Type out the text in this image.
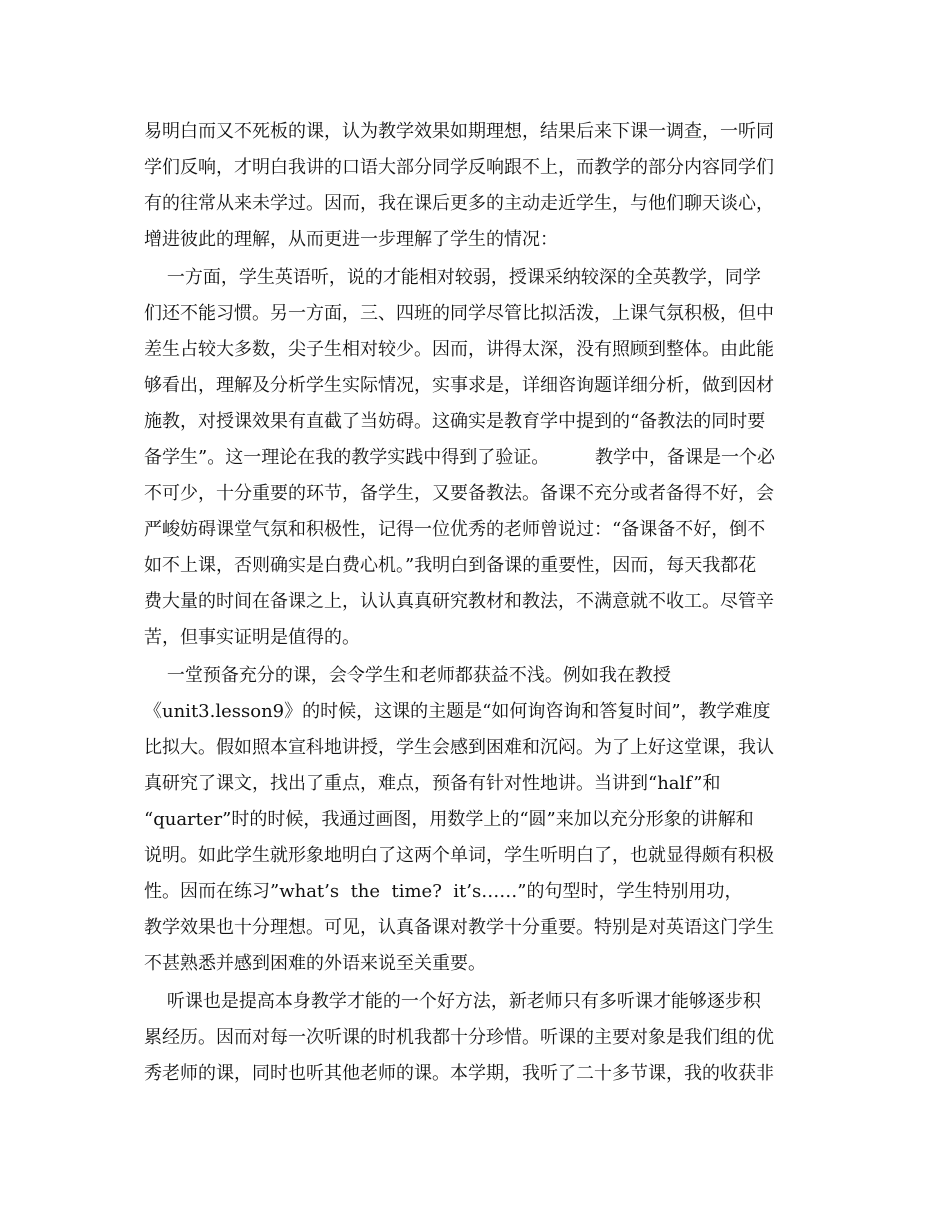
易明白而又不死板的课，认为教学效果如期理想，结果后来下课一调查，一听同
学们反响，才明白我讲的口语大部分同学反响跟不上，而教学的部分内容同学们
有的往常从来未学过。因而，我在课后更多的主动走近学生，与他们聊天谈心，
增进彼此的理解，从而更进一步理解了学生的情况：
一方面，学生英语听，说的才能相对较弱，授课采纳较深的全英教学，同学
们还不能习惯。另一方面，三、四班的同学尽管比拟活泼，上课气氛积极，但中
差生占较大多数，尖子生相对较少。因而，讲得太深，没有照顾到整体。由此能
够看出，理解及分析学生实际情况，实事求是，详细咨询题详细分析，做到因材
施教，对授课效果有直截了当妨碍。这确实是教育学中提到的“备教法的同时要
备学生”。这一理论在我的教学实践中得到了验证。        教学中，备课是一个必
不可少，十分重要的环节，备学生，又要备教法。备课不充分或者备得不好，会
严峻妨碍课堂气氛和积极性，记得一位优秀的老师曾说过：“备课备不好，倒不
如不上课，否则确实是白费心机。”我明白到备课的重要性，因而，每天我都花
费大量的时间在备课之上，认认真真研究教材和教法，不满意就不收工。尽管辛
苦，但事实证明是值得的。
一堂预备充分的课，会令学生和老师都获益不浅。例如我在教授
《unit3.lesson9》的时候，这课的主题是“如何询咨询和答复时间”，教学难度
比拟大。假如照本宣科地讲授，学生会感到困难和沉闷。为了上好这堂课，我认
真研究了课文，找出了重点，难点，预备有针对性地讲。当讲到“half”和
“quarter”时的时候，我通过画图，用数学上的“圆”来加以充分形象的讲解和
说明。如此学生就形象地明白了这两个单词，学生听明白了，也就显得颇有积极
性。因而在练习”what’s  the  time?  it’s……”的句型时，学生特别用功，
教学效果也十分理想。可见，认真备课对教学十分重要。特别是对英语这门学生
不甚熟悉并感到困难的外语来说至关重要。
听课也是提高本身教学才能的一个好方法，新老师只有多听课才能够逐步积
累经历。因而对每一次听课的时机我都十分珍惜。听课的主要对象是我们组的优
秀老师的课，同时也听其他老师的课。本学期，我听了二十多节课，我的收获非
